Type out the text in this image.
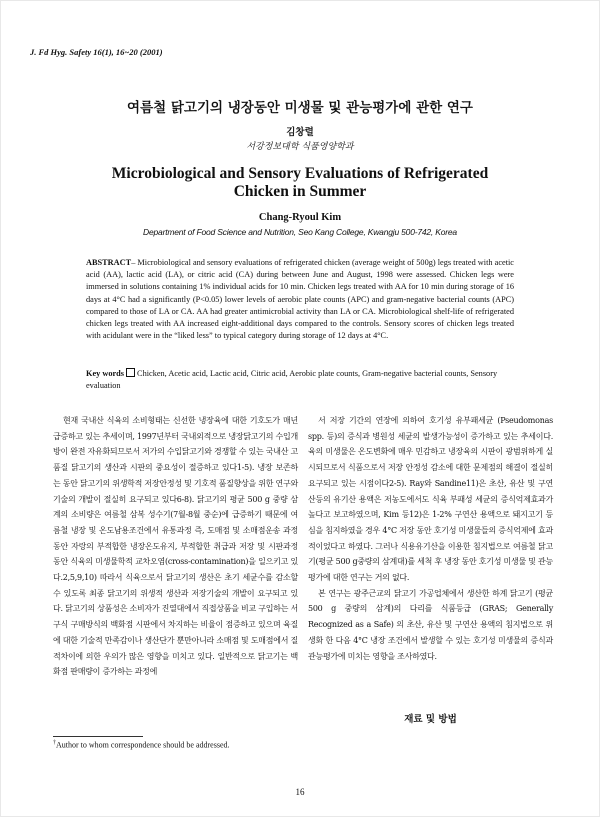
J. Fd Hyg. Safety 16(1), 16~20 (2001)
여름철 닭고기의 냉장동안 미생물 및 관능평가에 관한 연구
김창렬
서강정보대학 식품영양학과
Microbiological and Sensory Evaluations of Refrigerated
Chicken in Summer
Chang-Ryoul Kim
Department of Food Science and Nutrition, Seo Kang College, Kwangju 500-742, Korea
ABSTRACT– Microbiological and sensory evaluations of refrigerated chicken (average weight of 500g) legs treated with acetic acid (AA), lactic acid (LA), or citric acid (CA) during between June and August, 1998 were assessed. Chicken legs were immersed in solutions containing 1% individual acids for 10 min. Chicken legs treated with AA for 10 min during storage of 16 days at 4°C had a significantly (P<0.05) lower levels of aerobic plate counts (APC) and gram-negative bacterial counts (APC) compared to those of LA or CA. AA had greater antimicrobial activity than LA or CA. Microbiological shelf-life of refrigerated chicken legs treated with AA increased eight-additional days compared to the controls. Sensory scores of chicken legs treated with acidulant were in the “liked less” to typical category during storage of 12 days at 4°C.
Key words Chicken, Acetic acid, Lactic acid, Citric acid, Aerobic plate counts, Gram-negative bacterial counts, Sensory evaluation

현재 국내산 식육의 소비형태는 신선한 냉장육에 대한 기호도가 매년 급증하고 있는 추세이며, 1997년부터 국내외적으로 냉장닭고기의 수입개방이 완전 자유화되므로서 저가의 수입닭고기와 경쟁할 수 있는 국내산 고품질 닭고기의 생산과 시판의 중요성이 절증하고 있다1-5). 냉장 보존하는 동안 닭고기의 위생학적 저장안정성 및 기호적 품질향상을 위한 연구와 기술의 개발이 절실히 요구되고 있다6-8). 닭고기의 평균 500 g 중량 삼계의 소비량은 여름철 삼복 성수기(7월-8월 중순)에 급증하기 때문에 여름철 냉장 및 온도남용조건에서 유통과정 즉, 도매점 및 소매점운송 과정동안 자랑의 부적합한 냉장온도유지, 부적합한 취급과 저장 및 시판과정 동안 식육의 미생물학적 교차오염(cross-contamination)을 일으키고 있다.2,5,9,10) 따라서 식육으로서 닭고기의 생산은 초기 세균수를 감소할 수 있도록 최종 닭고기의 위생적 생산과 저장기술의 개발이 요구되고 있다. 닭고기의 상품성은 소비자가 진열대에서 직접상품을 비교 구입하는 서구식 구매방식의 백화점 시판에서 차지하는 비율이 점증하고 있으며 육질에 대한 기술적 만족감이나 생산단가 뿐만아니라 소매점 및 도매점에서 질적차이에 의한 우의가 많은 영향을 미치고 있다. 일반적으로 닭고기는 백화점 판매량이 증가하는 과정에

서 저장 기간의 연장에 의하여 호기성 유부패세균 (Pseudomonas spp. 등)의 증식과 병원성 세균의 발생가능성이 증가하고 있는 추세이다. 육의 미생물은 온도변화에 매우 민감하고 냉장육의 시판이 광범위하게 실시되므로서 식품으로서 저장 안정성 감소에 대한 문제점의 해결이 절실히 요구되고 있는 시점이다2-5). Ray와 Sandine11)은 초산, 유산 및 구연산등의 유기산 용액은 저농도에서도 식육 부패성 세균의 증식억제효과가 높다고 보고하였으며, Kim 등12)은 1-2% 구연산 용액으로 돼지고기 등심을 침지하였을 경우 4°C 저장 동안 호기성 미생물들의 증식억제에 효과적이었다고 하였다. 그러나 식용유기산을 이용한 침지법으로 여름철 닭고기(평균 500 g중량의 삼계대)를 세척 후 냉장 동안 호기성 미생물 및 관능평가에 대한 연구는 거의 없다.

본 연구는 광주근교의 닭고기 가공업체에서 생산한 하계 닭고기 (평균 500 g 중량의 삼계)의 다리를 식품등급 (GRAS; Generally Recognized as a Safe) 의 초산, 유산 및 구연산 용액의 침지법으로 위생화 한 다음 4°C 냉장 조건에서 발생할 수 있는 호기성 미생물의 증식과 관능평가에 미치는 영향을 조사하였다.

재료 및 방법
†Author to whom correspondence should be addressed.
16
